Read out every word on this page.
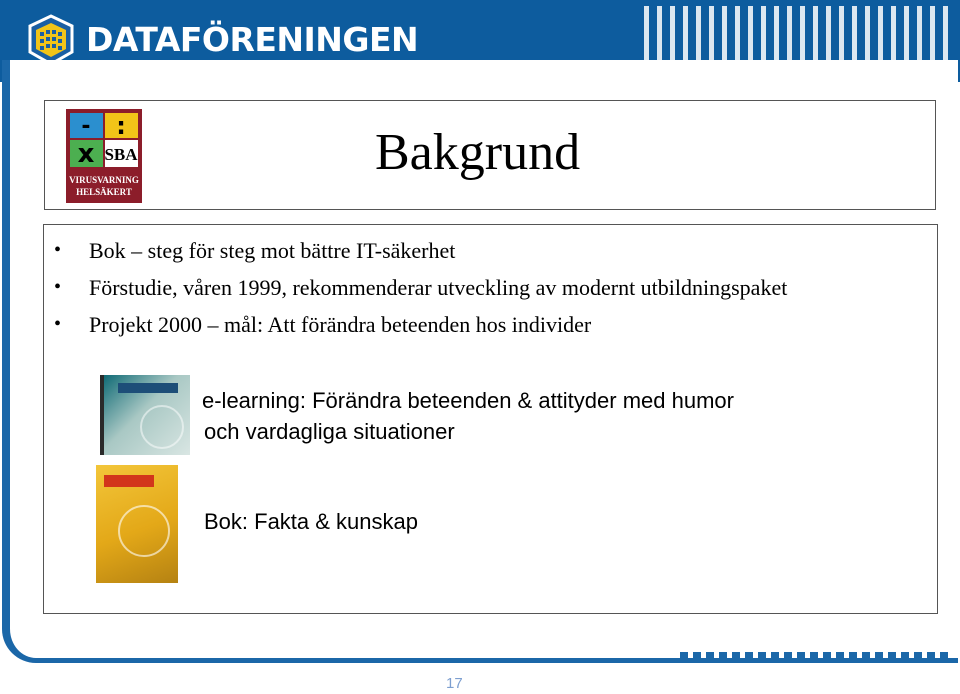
DATAFÖRENINGEN
- :
x SBA
VIRUSVARNING
HELSÄKERT
Bakgrund
• Bok – steg för steg mot bättre IT-säkerhet
• Förstudie, våren 1999, rekommenderar utveckling av modernt utbildningspaket
• Projekt 2000 – mål: Att förändra beteenden hos individer
e-learning: Förändra beteenden & attityder med humor
och vardagliga situationer
Bok: Fakta & kunskap
17
